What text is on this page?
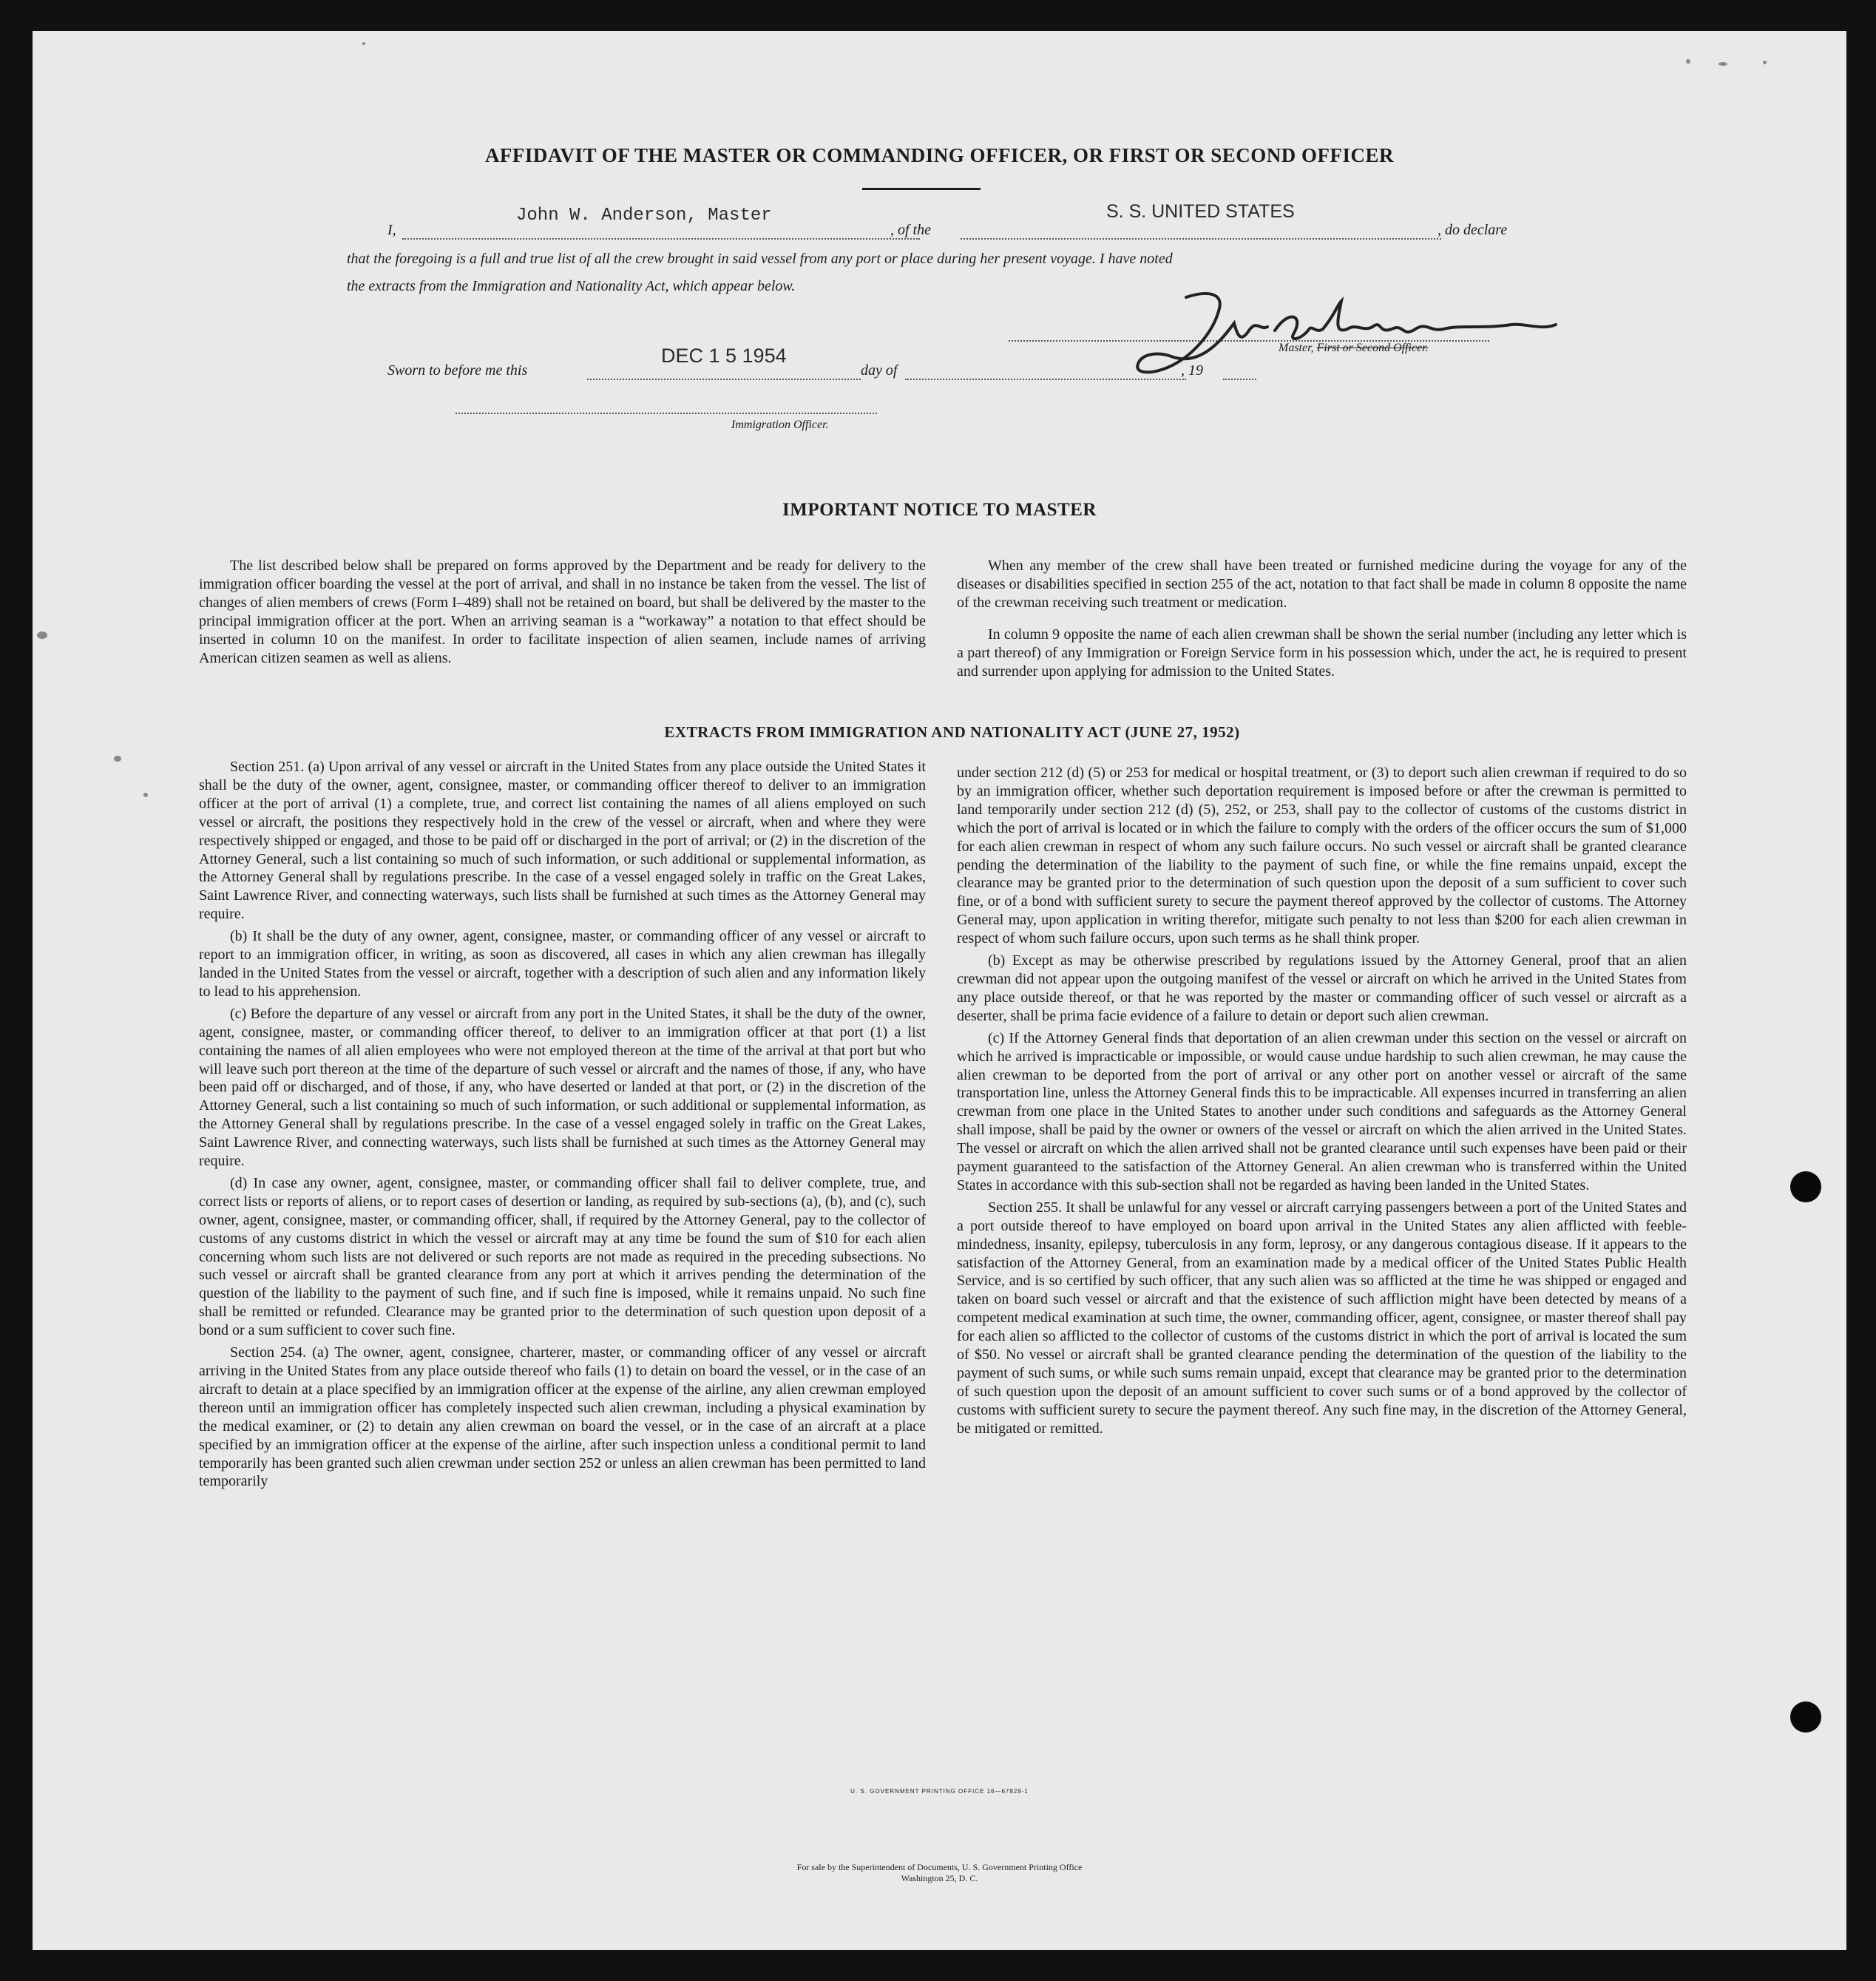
AFFIDAVIT OF THE MASTER OR COMMANDING OFFICER, OR FIRST OR SECOND OFFICER
I,
John W. Anderson, Master
, of the
S. S. UNITED STATES
, do declare
that the foregoing is a full and true list of all the crew brought in said vessel from any port or place during her present voyage. I have noted
the extracts from the Immigration and Nationality Act, which appear below.
Master, First or Second Officer.
Sworn to before me this
DEC 1 5 1954
day of	, 19
Immigration Officer.
IMPORTANT NOTICE TO MASTER

The list described below shall be prepared on forms approved by the Department and be ready for delivery to the immigration officer boarding the vessel at the port of arrival, and shall in no instance be taken from the vessel. The list of changes of alien members of crews (Form I–489) shall not be retained on board, but shall be delivered by the master to the principal immigration officer at the port. When an arriving seaman is a “workaway” a notation to that effect should be inserted in column 10 on the manifest. In order to facilitate inspection of alien seamen, include names of arriving American citizen seamen as well as aliens.

When any member of the crew shall have been treated or furnished medicine during the voyage for any of the diseases or disabilities specified in section 255 of the act, notation to that fact shall be made in column 8 opposite the name of the crewman receiving such treatment or medication.

In column 9 opposite the name of each alien crewman shall be shown the serial number (including any letter which is a part thereof) of any Immigration or Foreign Service form in his possession which, under the act, he is required to present and surrender upon applying for admission to the United States.

EXTRACTS FROM IMMIGRATION AND NATIONALITY ACT (JUNE 27, 1952)

Section 251. (a) Upon arrival of any vessel or aircraft in the United States from any place outside the United States it shall be the duty of the owner, agent, consignee, master, or commanding officer thereof to deliver to an immigration officer at the port of arrival (1) a complete, true, and correct list containing the names of all aliens employed on such vessel or aircraft, the positions they respectively hold in the crew of the vessel or aircraft, when and where they were respectively shipped or engaged, and those to be paid off or discharged in the port of arrival; or (2) in the discretion of the Attorney General, such a list containing so much of such information, or such additional or supplemental information, as the Attorney General shall by regulations prescribe. In the case of a vessel engaged solely in traffic on the Great Lakes, Saint Lawrence River, and connecting waterways, such lists shall be furnished at such times as the Attorney General may require.

(b) It shall be the duty of any owner, agent, consignee, master, or commanding officer of any vessel or aircraft to report to an immigration officer, in writing, as soon as discovered, all cases in which any alien crewman has illegally landed in the United States from the vessel or aircraft, together with a description of such alien and any information likely to lead to his apprehension.

(c) Before the departure of any vessel or aircraft from any port in the United States, it shall be the duty of the owner, agent, consignee, master, or commanding officer thereof, to deliver to an immigration officer at that port (1) a list containing the names of all alien employees who were not employed thereon at the time of the arrival at that port but who will leave such port thereon at the time of the departure of such vessel or aircraft and the names of those, if any, who have been paid off or discharged, and of those, if any, who have deserted or landed at that port, or (2) in the discretion of the Attorney General, such a list containing so much of such information, or such additional or supplemental information, as the Attorney General shall by regulations prescribe. In the case of a vessel engaged solely in traffic on the Great Lakes, Saint Lawrence River, and connecting waterways, such lists shall be furnished at such times as the Attorney General may require.

(d) In case any owner, agent, consignee, master, or commanding officer shall fail to deliver complete, true, and correct lists or reports of aliens, or to report cases of desertion or landing, as required by sub-sections (a), (b), and (c), such owner, agent, consignee, master, or commanding officer, shall, if required by the Attorney General, pay to the collector of customs of any customs district in which the vessel or aircraft may at any time be found the sum of $10 for each alien concerning whom such lists are not delivered or such reports are not made as required in the preceding subsections. No such vessel or aircraft shall be granted clearance from any port at which it arrives pending the determination of the question of the liability to the payment of such fine, and if such fine is imposed, while it remains unpaid. No such fine shall be remitted or refunded. Clearance may be granted prior to the determination of such question upon deposit of a bond or a sum sufficient to cover such fine.

Section 254. (a) The owner, agent, consignee, charterer, master, or commanding officer of any vessel or aircraft arriving in the United States from any place outside thereof who fails (1) to detain on board the vessel, or in the case of an aircraft to detain at a place specified by an immigration officer at the expense of the airline, any alien crewman employed thereon until an immigration officer has completely inspected such alien crewman, including a physical examination by the medical examiner, or (2) to detain any alien crewman on board the vessel, or in the case of an aircraft at a place specified by an immigration officer at the expense of the airline, after such inspection unless a conditional permit to land temporarily has been granted such alien crewman under section 252 or unless an alien crewman has been permitted to land temporarily

under section 212 (d) (5) or 253 for medical or hospital treatment, or (3) to deport such alien crewman if required to do so by an immigration officer, whether such deportation requirement is imposed before or after the crewman is permitted to land temporarily under section 212 (d) (5), 252, or 253, shall pay to the collector of customs of the customs district in which the port of arrival is located or in which the failure to comply with the orders of the officer occurs the sum of $1,000 for each alien crewman in respect of whom any such failure occurs. No such vessel or aircraft shall be granted clearance pending the determination of the liability to the payment of such fine, or while the fine remains unpaid, except the clearance may be granted prior to the determination of such question upon the deposit of a sum sufficient to cover such fine, or of a bond with sufficient surety to secure the payment thereof approved by the collector of customs. The Attorney General may, upon application in writing therefor, mitigate such penalty to not less than $200 for each alien crewman in respect of whom such failure occurs, upon such terms as he shall think proper.

(b) Except as may be otherwise prescribed by regulations issued by the Attorney General, proof that an alien crewman did not appear upon the outgoing manifest of the vessel or aircraft on which he arrived in the United States from any place outside thereof, or that he was reported by the master or commanding officer of such vessel or aircraft as a deserter, shall be prima facie evidence of a failure to detain or deport such alien crewman.

(c) If the Attorney General finds that deportation of an alien crewman under this section on the vessel or aircraft on which he arrived is impracticable or impossible, or would cause undue hardship to such alien crewman, he may cause the alien crewman to be deported from the port of arrival or any other port on another vessel or aircraft of the same transportation line, unless the Attorney General finds this to be impracticable. All expenses incurred in transferring an alien crewman from one place in the United States to another under such conditions and safeguards as the Attorney General shall impose, shall be paid by the owner or owners of the vessel or aircraft on which the alien arrived in the United States. The vessel or aircraft on which the alien arrived shall not be granted clearance until such expenses have been paid or their payment guaranteed to the satisfaction of the Attorney General. An alien crewman who is transferred within the United States in accordance with this sub-section shall not be regarded as having been landed in the United States.

Section 255. It shall be unlawful for any vessel or aircraft carrying passengers between a port of the United States and a port outside thereof to have employed on board upon arrival in the United States any alien afflicted with feeble-mindedness, insanity, epilepsy, tuberculosis in any form, leprosy, or any dangerous contagious disease. If it appears to the satisfaction of the Attorney General, from an examination made by a medical officer of the United States Public Health Service, and is so certified by such officer, that any such alien was so afflicted at the time he was shipped or engaged and taken on board such vessel or aircraft and that the existence of such affliction might have been detected by means of a competent medical examination at such time, the owner, commanding officer, agent, consignee, or master thereof shall pay for each alien so afflicted to the collector of customs of the customs district in which the port of arrival is located the sum of $50. No vessel or aircraft shall be granted clearance pending the determination of the question of the liability to the payment of such sums, or while such sums remain unpaid, except that clearance may be granted prior to the determination of such question upon the deposit of an amount sufficient to cover such sums or of a bond approved by the collector of customs with sufficient surety to secure the payment thereof. Any such fine may, in the discretion of the Attorney General, be mitigated or remitted.

U. S. GOVERNMENT PRINTING OFFICE 16—67829-1
For sale by the Superintendent of Documents, U. S. Government Printing Office
Washington 25, D. C.
